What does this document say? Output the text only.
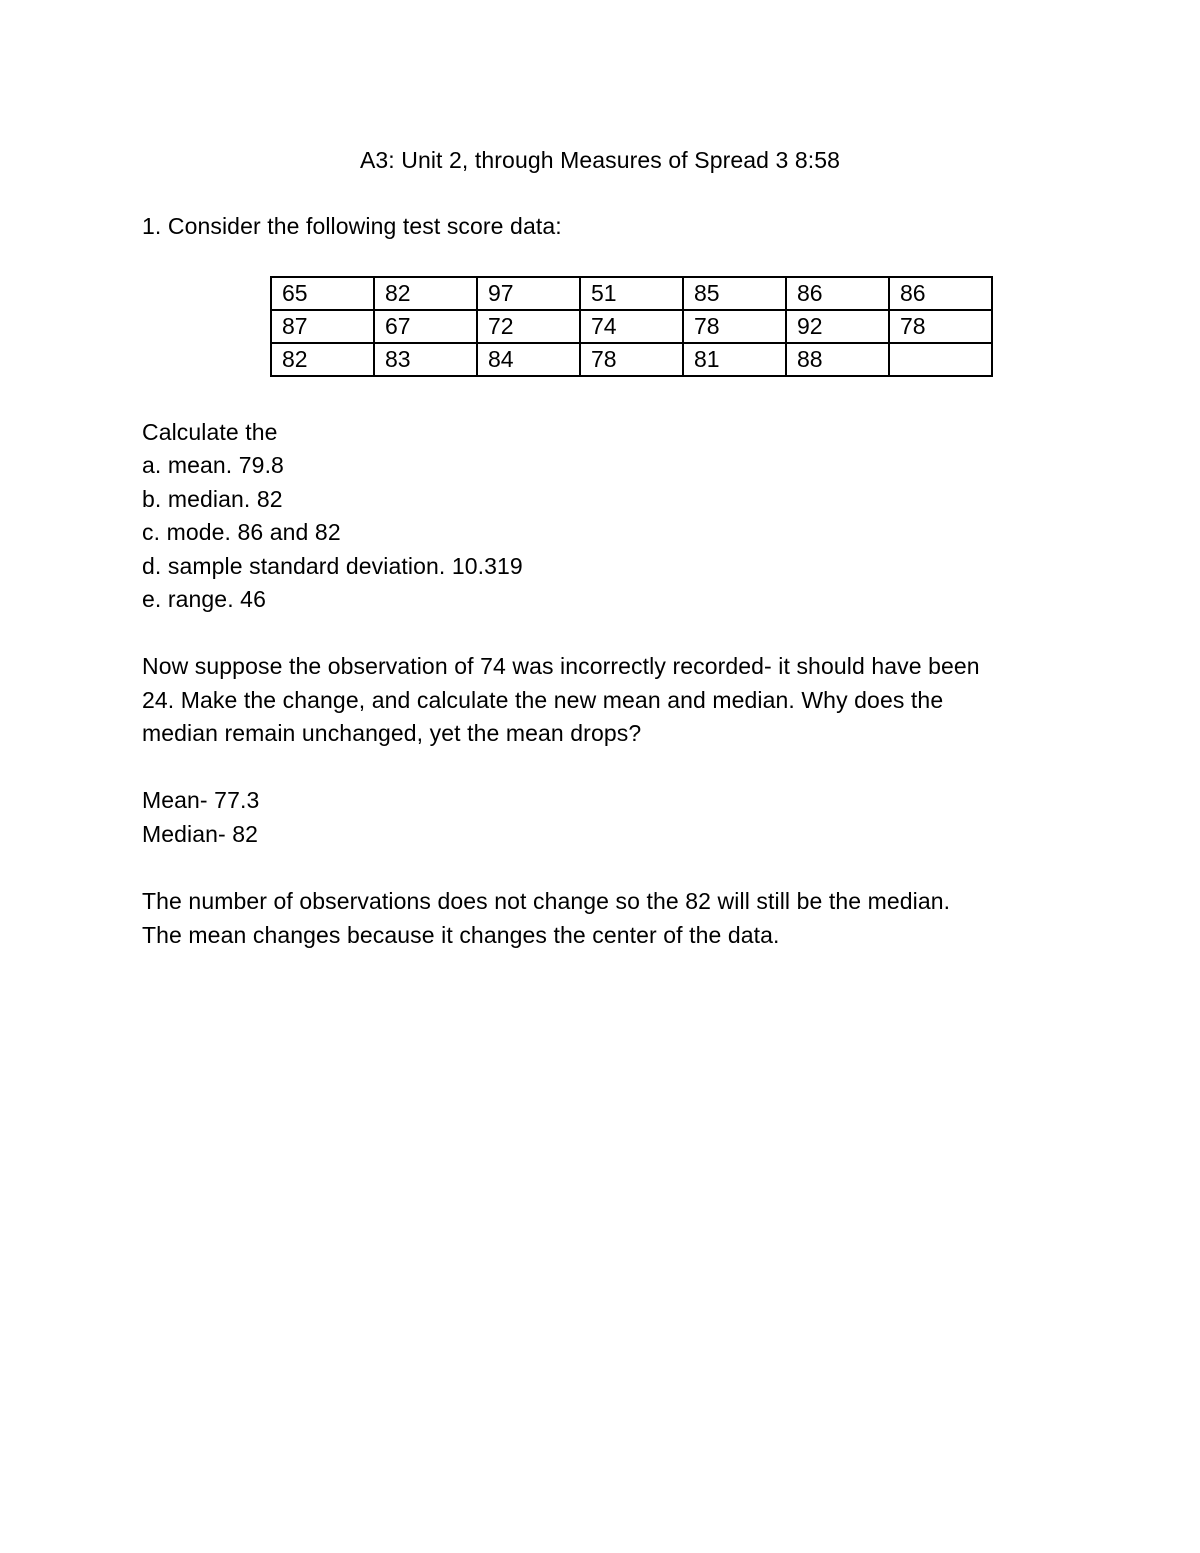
A3: Unit 2, through Measures of Spread 3 8:58
1. Consider the following test score data:
65	82	97	51	85	86	86
87	67	72	74	78	92	78
82	83	84	78	81	88	
Calculate the
a. mean. 79.8
b. median. 82
c. mode. 86 and 82
d. sample standard deviation. 10.319
e. range. 46
Now suppose the observation of 74 was incorrectly recorded- it should have been
24. Make the change, and calculate the new mean and median. Why does the
median remain unchanged, yet the mean drops?
Mean- 77.3
Median- 82
The number of observations does not change so the 82 will still be the median.
The mean changes because it changes the center of the data.
